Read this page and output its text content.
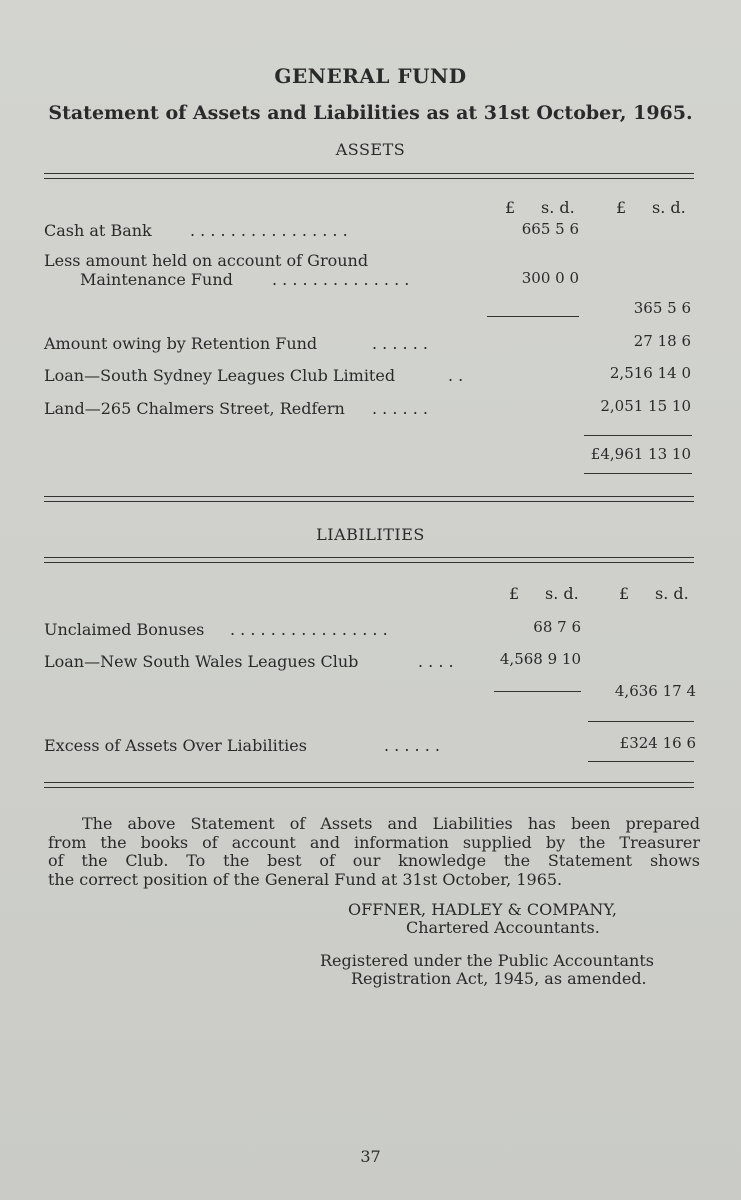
GENERAL FUND
Statement of Assets and Liabilities as at 31st October, 1965.
ASSETS
£ s. d.	£ s. d.
Cash at Bank . . . . . . . . . . . . . . . .	665 5 6
Less amount held on account of Ground
Maintenance Fund . . . . . . . . . . . . . .	300 0 0
365 5 6
Amount owing by Retention Fund	. . . . . .	27 18 6
Loan—South Sydney Leagues Club Limited	. .	2,516 14 0
Land—265 Chalmers Street, Redfern . . . . . .	2,051 15 10
£4,961 13 10
LIABILITIES
£ s. d.	£ s. d.
Unclaimed Bonuses . . . . . . . . . . . . . . . .	68 7 6
Loan—New South Wales Leagues Club	. . . .	4,568 9 10
4,636 17 4
Excess of Assets Over Liabilities	. . . . . .	£324 16 6
The above Statement of Assets and Liabilities has been prepared
from the books of account and information supplied by the Treasurer
of the Club. To the best of our knowledge the Statement shows
the correct position of the General Fund at 31st October, 1965.
OFFNER, HADLEY & COMPANY,
Chartered Accountants.
Registered under the Public Accountants
Registration Act, 1945, as amended.
37
